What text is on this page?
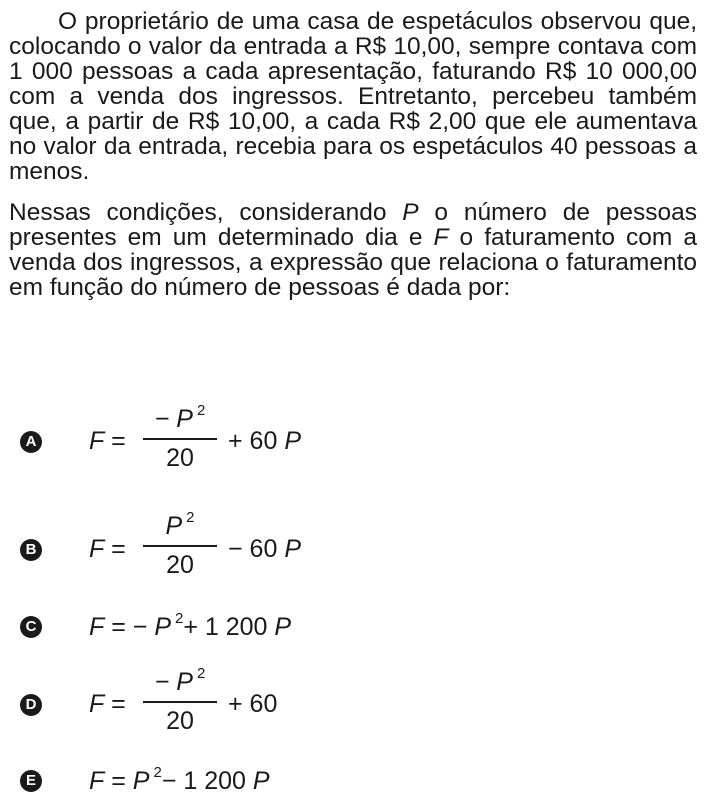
O proprietário de uma casa de espetáculos observou que, colocando o valor da entrada a R$ 10,00, sempre contava com 1 000 pessoas a cada apresentação, faturando R$ 10 000,00 com a venda dos ingressos. Entretanto, percebeu também que, a partir de R$ 10,00, a cada R$ 2,00 que ele aumentava no valor da entrada, recebia para os espetáculos 40 pessoas a menos.

Nessas condições, considerando P o número de pessoas presentes em um determinado dia e F o faturamento com a venda dos ingressos, a expressão que relaciona o faturamento em função do número de pessoas é dada por:

A F =
− P $^2$
20
+ 60 P
B F =
P $^2$
20
− 60 P
C F = − P $^2$+ 1 200 P
D F =
− P $^2$
20
+ 60
E F = P $^2$− 1 200 P
